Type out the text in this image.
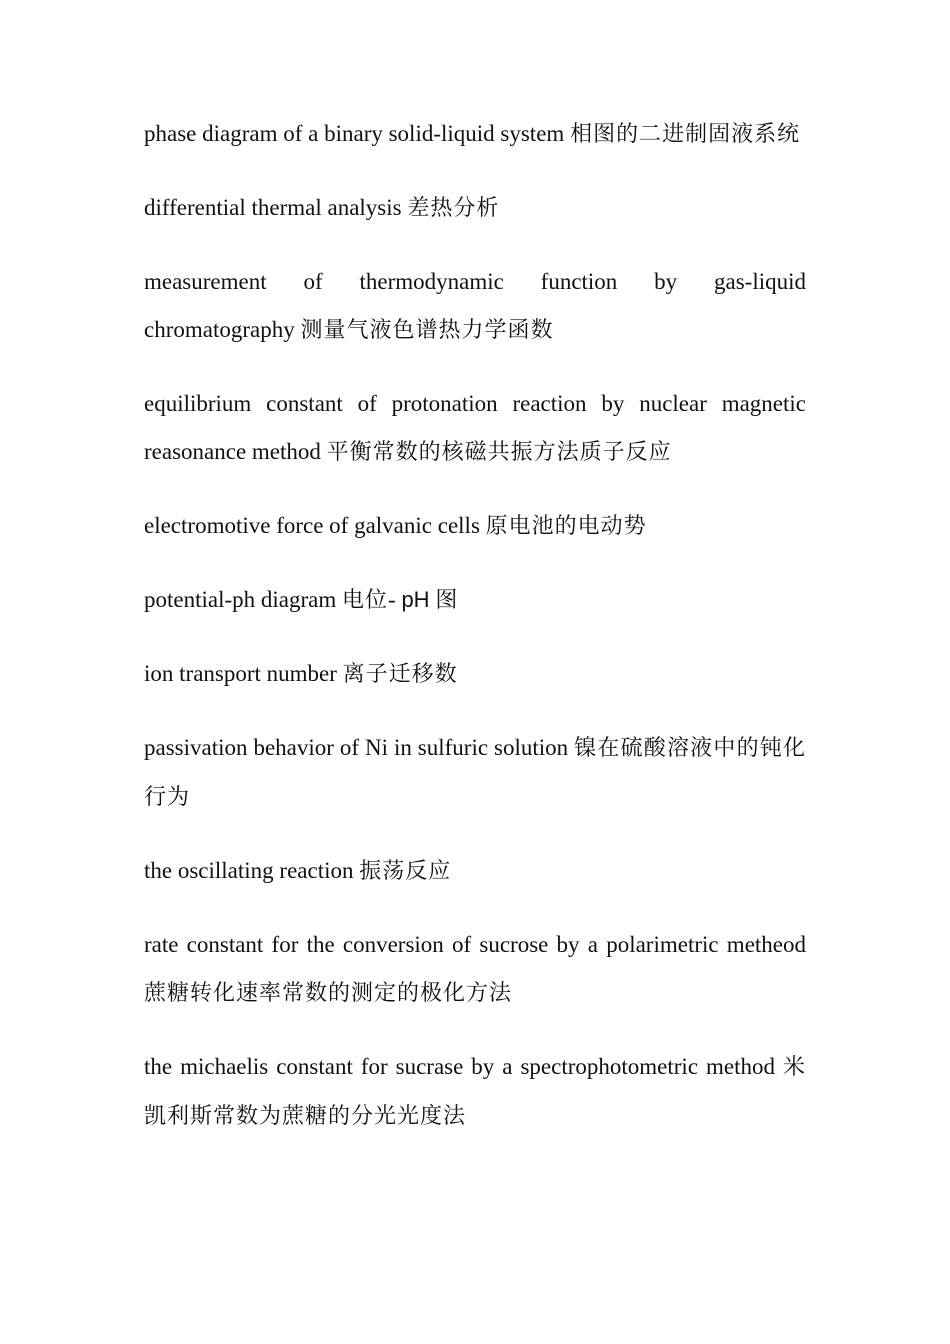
phase diagram of a binary solid-liquid system 相图的二进制固液系统

differential thermal analysis 差热分析

measurement of thermodynamic function by gas-liquid chromatography 测量气液色谱热力学函数

equilibrium constant of protonation reaction by nuclear magnetic reasonance method 平衡常数的核磁共振方法质子反应

electromotive force of galvanic cells 原电池的电动势

potential-ph diagram 电位- pH 图

ion transport number 离子迁移数

passivation behavior of Ni in sulfuric solution 镍在硫酸溶液中的钝化行为

the oscillating reaction 振荡反应

rate constant for the conversion of sucrose by a polarimetric metheod 蔗糖转化速率常数的测定的极化方法

the michaelis constant for sucrase by a spectrophotometric method 米凯利斯常数为蔗糖的分光光度法
